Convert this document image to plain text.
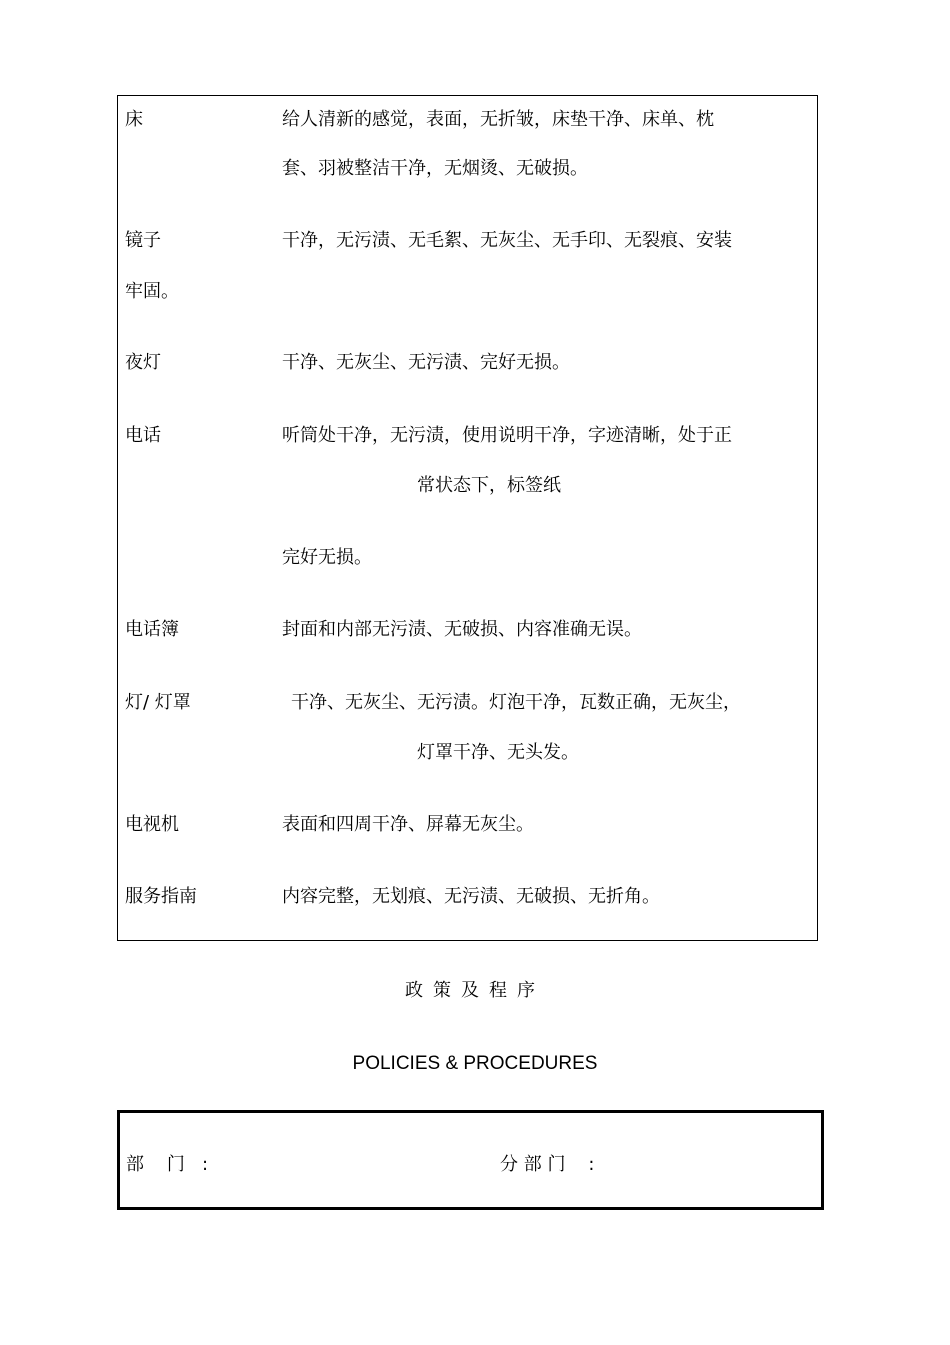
床	给人清新的感觉，表面，无折皱，床垫干净、床单、枕
套、羽被整洁干净，无烟烫、无破损。
镜子	干净，无污渍、无毛絮、无灰尘、无手印、无裂痕、安装
牢固。
夜灯	干净、无灰尘、无污渍、完好无损。
电话	听筒处干净，无污渍，使用说明干净，字迹清晰，处于正
常状态下，标签纸
完好无损。
电话簿	封面和内部无污渍、无破损、内容准确无误。
灯/ 灯罩	干净、无灰尘、无污渍。灯泡干净，瓦数正确，无灰尘，
灯罩干净、无头发。
电视机	表面和四周干净、屏幕无灰尘。
服务指南	内容完整，无划痕、无污渍、无破损、无折角。
政策及程序
POLICIES & PROCEDURES
部    门   :	分 部 门    :
